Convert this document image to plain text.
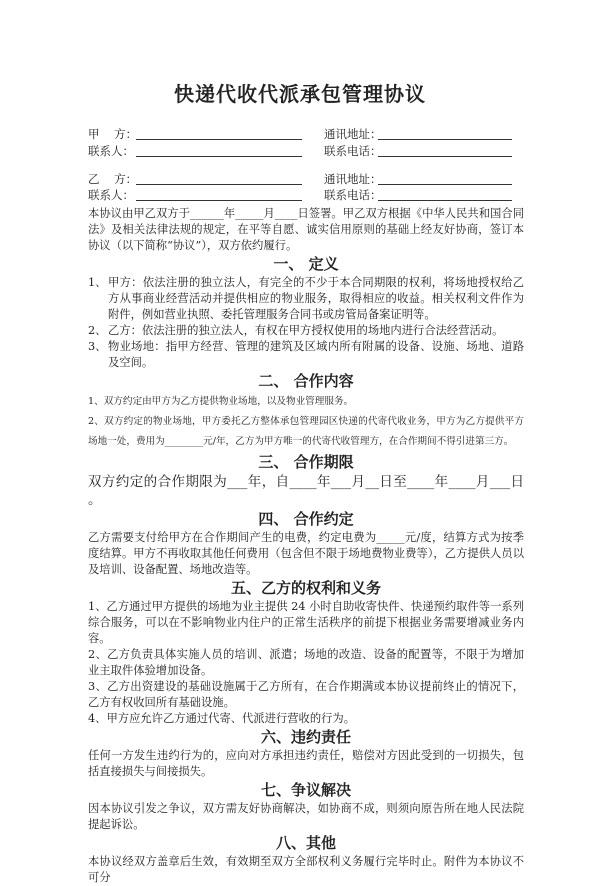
快递代收代派承包管理协议
甲    方：	通讯地址：
联系人：	联系电话：
乙    方：	通讯地址：
联系人：	联系电话：
本协议由甲乙双方于______年_____月____日签署。甲乙双方根据《中华人民共和国合同法》及相关法律法规的规定，在平等自愿、诚实信用原则的基础上经友好协商，签订本协议（以下简称“协议”），双方依约履行。
一、 定义
1、 甲方：依法注册的独立法人，有完全的不少于本合同期限的权利，将场地授权给乙方从事商业经营活动并提供相应的物业服务，取得相应的收益。相关权利文件作为附件，例如营业执照、委托管理服务合同书或房管局备案证明等。
2、 乙方：依法注册的独立法人，有权在甲方授权使用的场地内进行合法经营活动。
3、 物业场地：指甲方经营、管理的建筑及区域内所有附属的设备、设施、场地、道路及空间。
二、 合作内容
1、双方约定由甲方为乙方提供物业场地，以及物业管理服务。
2、双方约定的物业场地，甲方委托乙方整体承包管理园区快递的代寄代收业务，甲方为乙方提供平方场地一处，费用为________元/年，乙方为甲方唯一的代寄代收管理方，在合作期间不得引进第三方。
三、 合作期限
双方约定的合作期限为___年，自____年___月__日至____年____月___日 。
四、 合作约定
乙方需要支付给甲方在合作期间产生的电费，约定电费为_____元/度，结算方式为按季度结算。甲方不再收取其他任何费用（包含但不限于场地费物业费等），乙方提供人员以及培训、设备配置、场地改造等。
五、乙方的权利和义务
1、乙方通过甲方提供的场地为业主提供 24 小时自助收寄快件、快递预约取件等一系列综合服务，可以在不影响物业内住户的正常生活秩序的前提下根据业务需要增减业务内容。
2、乙方负责具体实施人员的培训、派遣；场地的改造、设备的配置等，不限于为增加业主取件体验增加设备。
3、乙方出资建设的基础设施属于乙方所有，在合作期满或本协议提前终止的情况下，乙方有权收回所有基础设施。
4、甲方应允许乙方通过代寄、代派进行营收的行为。
六、违约责任
任何一方发生违约行为的，应向对方承担违约责任，赔偿对方因此受到的一切损失，包括直接损失与间接损失。
七、争议解决
因本协议引发之争议，双方需友好协商解决，如协商不成，则须向原告所在地人民法院提起诉讼。
八、其他
本协议经双方盖章后生效，有效期至双方全部权利义务履行完毕时止。附件为本协议不可分
